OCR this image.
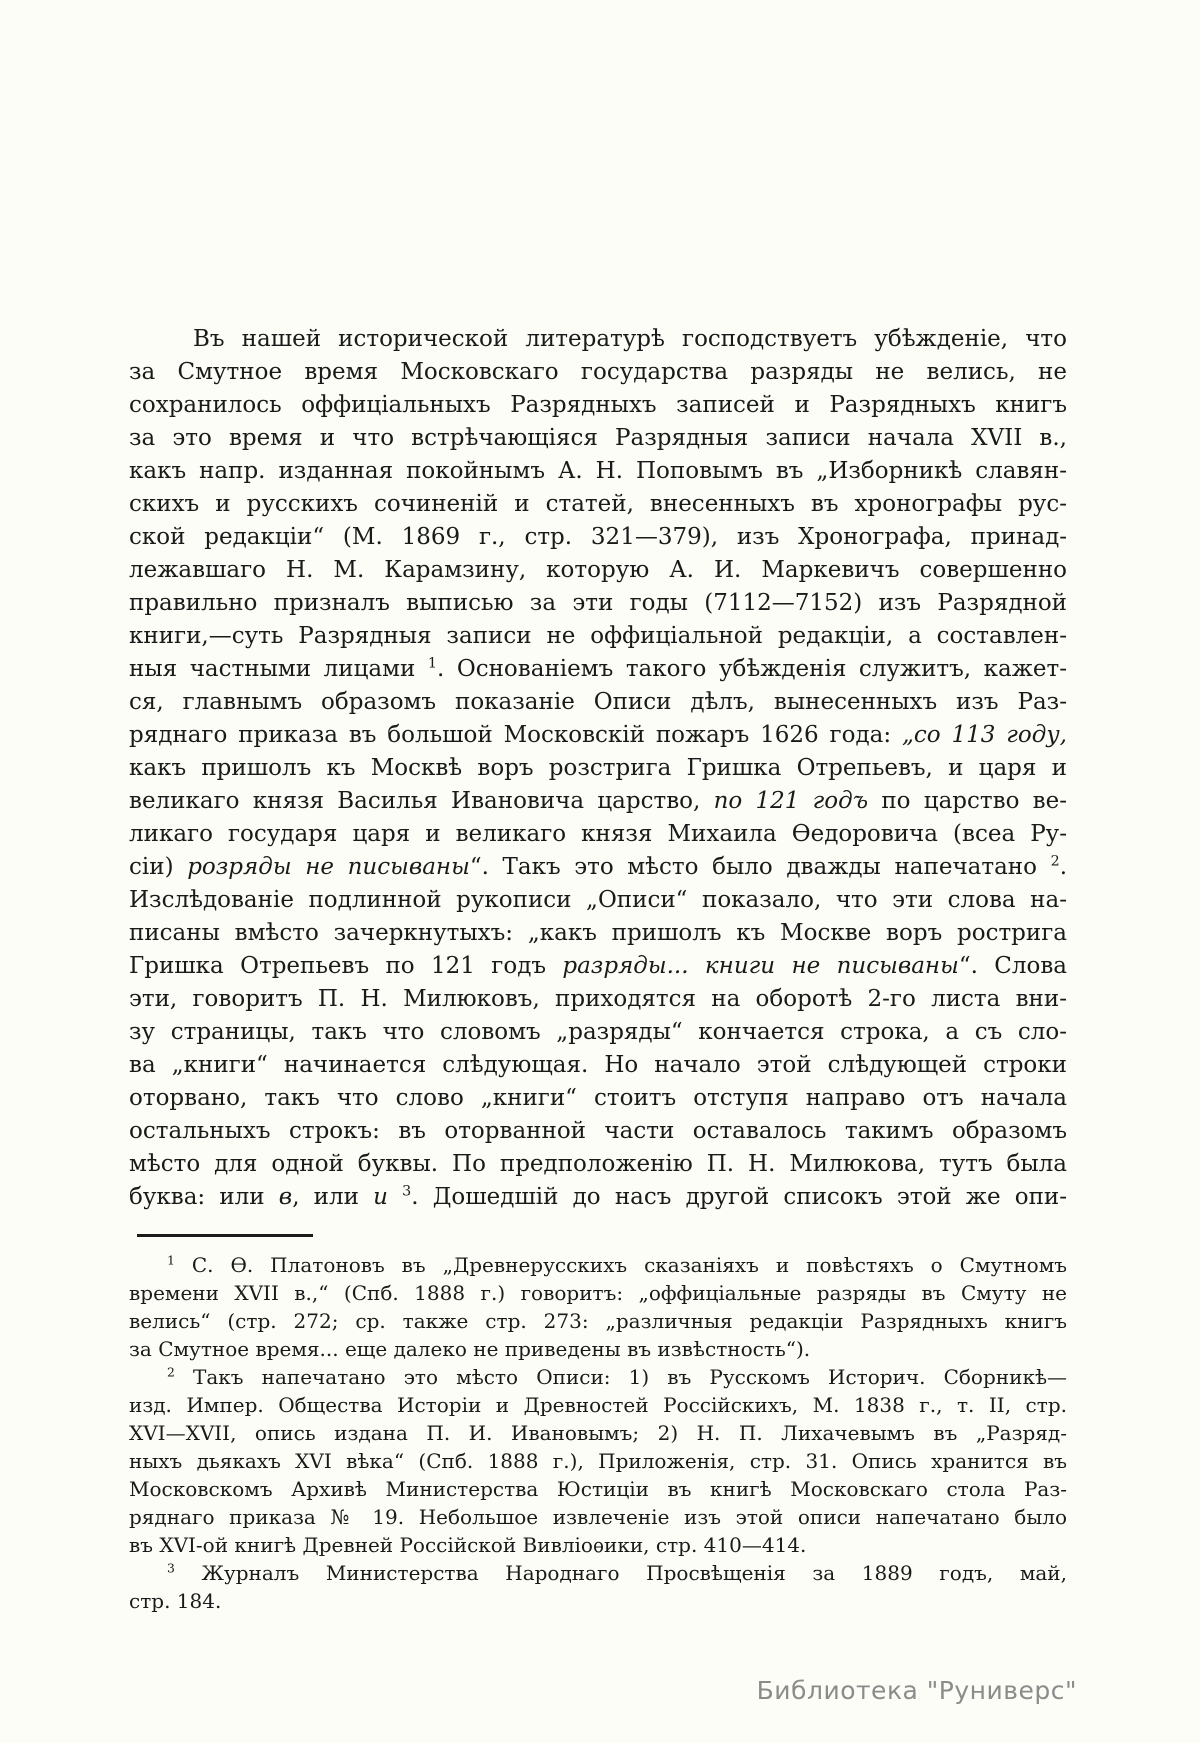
Въ нашей исторической литературѣ господствуетъ убѣжденіе, что
за Смутное время Московскаго государства разряды не велись, не
сохранилось оффиціальныхъ Разрядныхъ записей и Разрядныхъ книгъ
за это время и что встрѣчающіяся Разрядныя записи начала XVII в.,
какъ напр. изданная покойнымъ А. Н. Поповымъ въ „Изборникѣ славян-
скихъ и русскихъ сочиненій и статей, внесенныхъ въ хронографы рус-
ской редакціи“ (М. 1869 г., стр. 321—379), изъ Хронографа, принад-
лежавшаго Н. М. Карамзину, которую А. И. Маркевичъ совершенно
правильно призналъ выписью за эти годы (7112—7152) изъ Разрядной
книги,—суть Разрядныя записи не оффиціальной редакціи, а составлен-
ныя частными лицами $^1$. Основаніемъ такого убѣжденія служитъ, кажет-
ся, главнымъ образомъ показаніе Описи дѣлъ, вынесенныхъ изъ Раз-
ряднаго приказа въ большой Московскій пожаръ 1626 года: „со 113 году,
какъ пришолъ къ Москвѣ воръ розстрига Гришка Отрепьевъ, и царя и
великаго князя Василья Ивановича царство, по 121 годъ по царство ве-
ликаго государя царя и великаго князя Михаила Ѳедоровича (всеа Ру-
сіи) розряды не писываны“. Такъ это мѣсто было дважды напечатано $^2$.
Изслѣдованіе подлинной рукописи „Описи“ показало, что эти слова на-
писаны вмѣсто зачеркнутыхъ: „какъ пришолъ къ Москве воръ рострига
Гришка Отрепьевъ по 121 годъ разряды... книги не писываны“. Слова
эти, говоритъ П. Н. Милюковъ, приходятся на оборотѣ 2-го листа вни-
зу страницы, такъ что словомъ „разряды“ кончается строка, а съ сло-
ва „книги“ начинается слѣдующая. Но начало этой слѣдующей строки
оторвано, такъ что слово „книги“ стоитъ отступя направо отъ начала
остальныхъ строкъ: въ оторванной части оставалось такимъ образомъ
мѣсто для одной буквы. По предположенію П. Н. Милюкова, тутъ была
буква: или в, или и $^3$. Дошедшій до насъ другой списокъ этой же опи-
$^1$ С. Ѳ. Платоновъ въ „Древнерусскихъ сказаніяхъ и повѣстяхъ о Смутномъ
времени XVII в.,“ (Спб. 1888 г.) говоритъ: „оффиціальные разряды въ Смуту не
велись“ (стр. 272; ср. также стр. 273: „различныя редакціи Разрядныхъ книгъ
за Смутное время... еще далеко не приведены въ извѣстность“).
$^2$ Такъ напечатано это мѣсто Описи: 1) въ Русскомъ Историч. Сборникѣ—
изд. Импер. Общества Исторіи и Древностей Россійскихъ, М. 1838 г., т. II, стр.
XVI—XVII, опись издана П. И. Ивановымъ; 2) Н. П. Лихачевымъ въ „Разряд-
ныхъ дьякахъ XVI вѣка“ (Спб. 1888 г.), Приложенія, стр. 31. Опись хранится въ
Московскомъ Архивѣ Министерства Юстиціи въ книгѣ Московскаго стола Раз-
ряднаго приказа № 19. Небольшое извлеченіе изъ этой описи напечатано было
въ XVI-ой книгѣ Древней Россійской Вивліоѳики, стр. 410—414.
$^3$ Журналъ Министерства Народнаго Просвѣщенія за 1889 годъ, май,
стр. 184.
Библиотека "Руниверс"
